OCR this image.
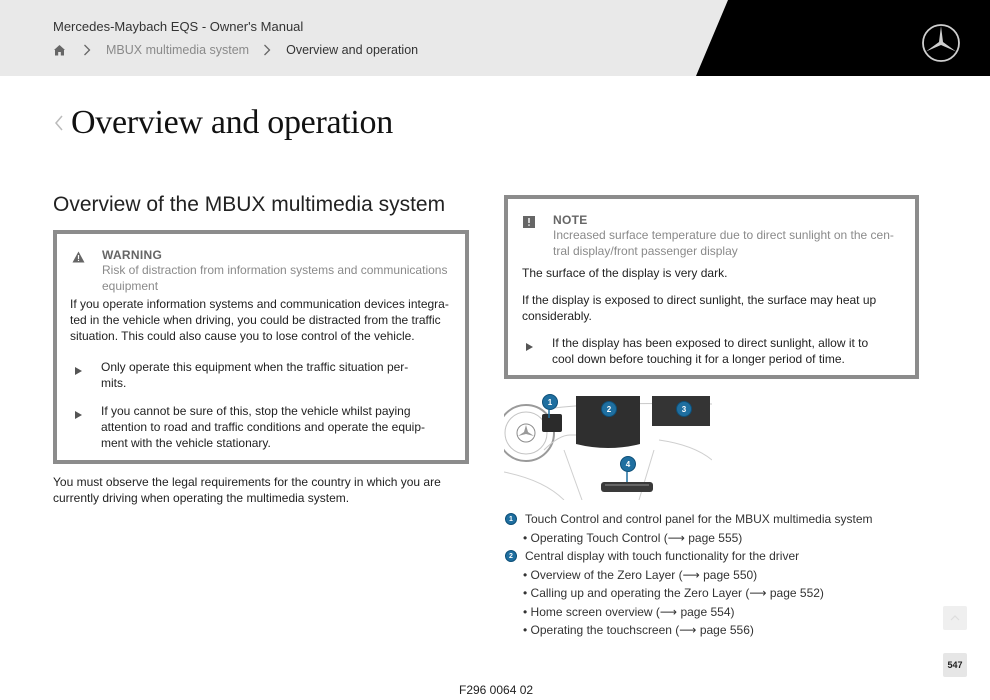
Mercedes-Maybach EQS - Owner's Manual
MBUX multimedia system	Overview and operation
Overview and operation
Overview of the MBUX multimedia system
WARNING
Risk of distraction from information systems and communications
equipment
If you operate information systems and communication devices integra-
ted in the vehicle when driving, you could be distracted from the traffic
situation. This could also cause you to lose control of the vehicle.
Only operate this equipment when the traffic situation per-
mits.
If you cannot be sure of this, stop the vehicle whilst paying
attention to road and traffic conditions and operate the equip-
ment with the vehicle stationary.
You must observe the legal requirements for the country in which you are
currently driving when operating the multimedia system.
NOTE
Increased surface temperature due to direct sunlight on the cen-
tral display/front passenger display
The surface of the display is very dark.
If the display is exposed to direct sunlight, the surface may heat up
considerably.
If the display has been exposed to direct sunlight, allow it to
cool down before touching it for a longer period of time.
1
2	3
4
1	Touch Control and control panel for the MBUX multimedia system
• Operating Touch Control (⟶ page 555)
2	Central display with touch functionality for the driver
• Overview of the Zero Layer (⟶ page 550)
• Calling up and operating the Zero Layer (⟶ page 552)
• Home screen overview (⟶ page 554)
• Operating the touchscreen (⟶ page 556)
F296 0064 02
547
